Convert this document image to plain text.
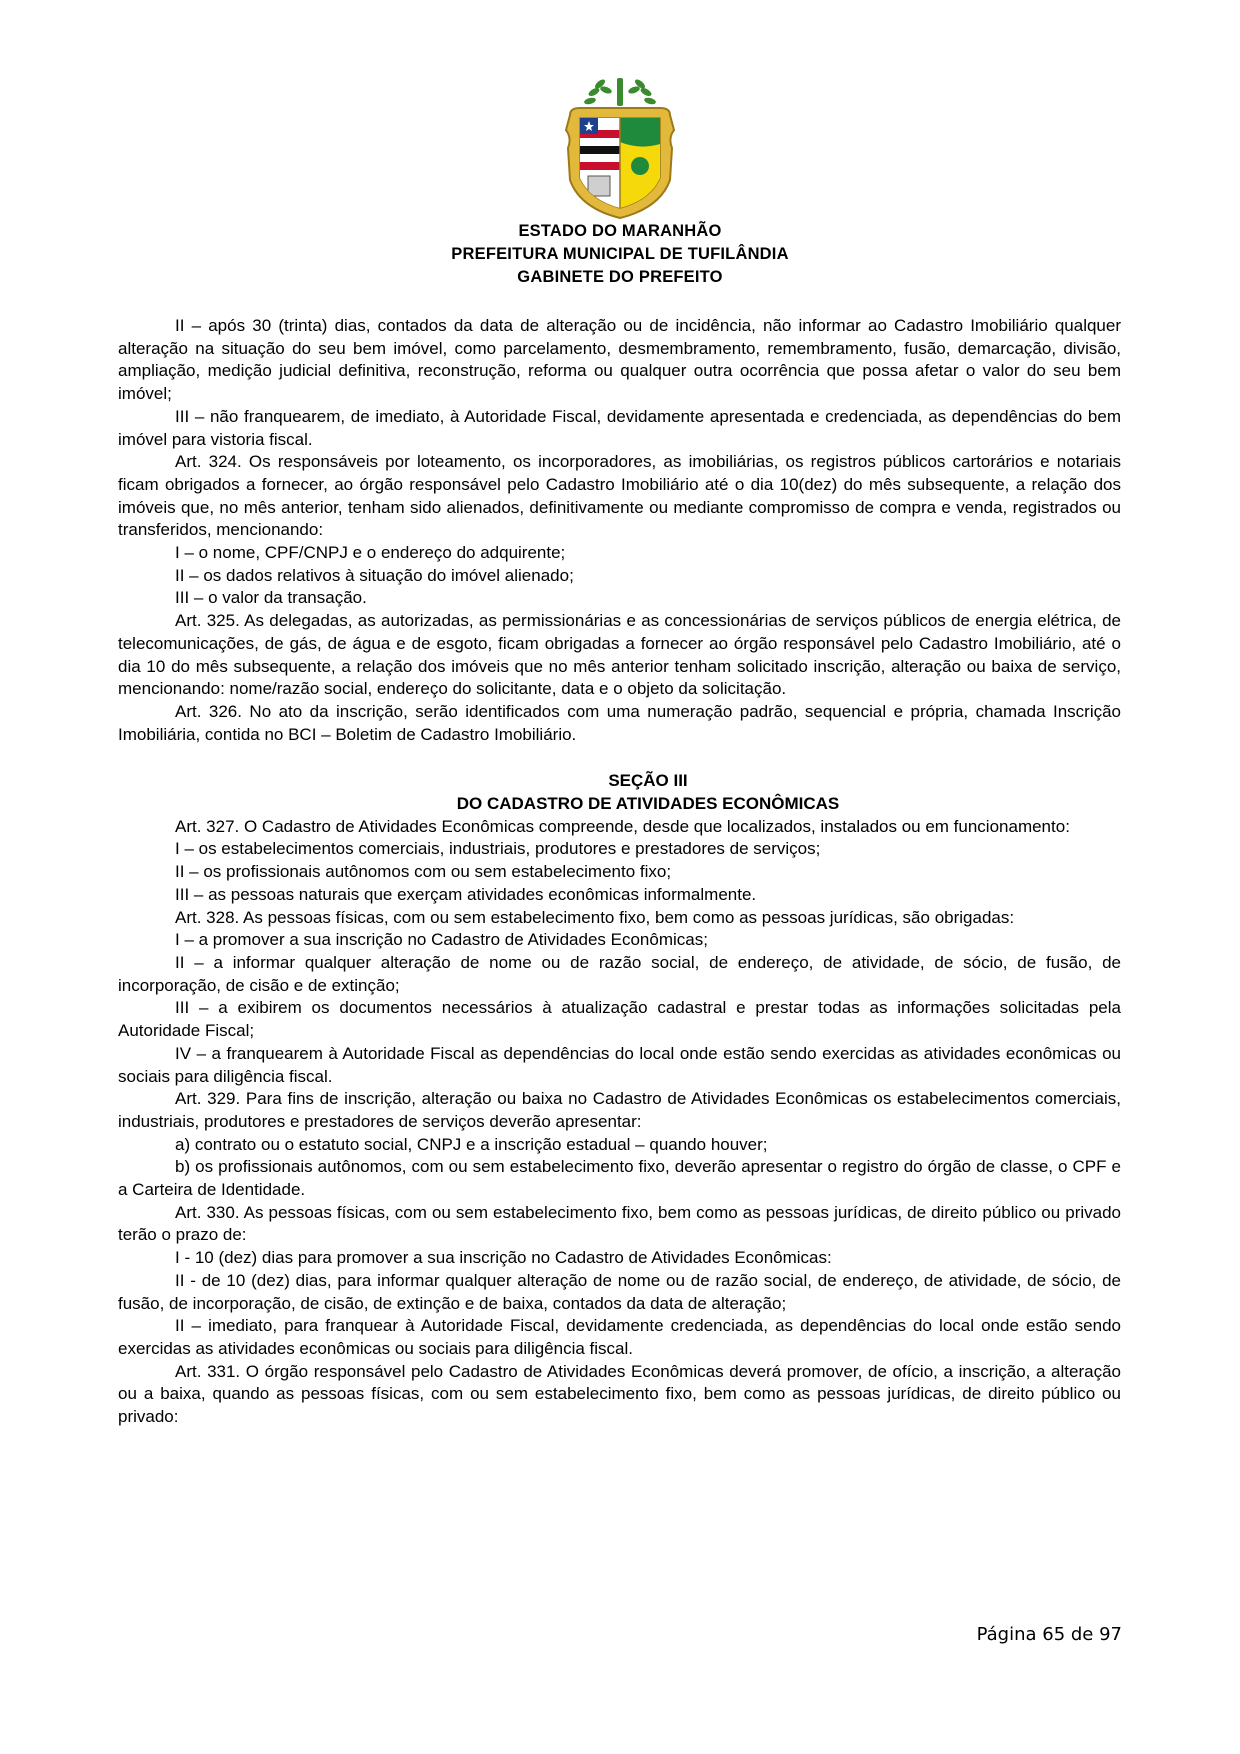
ESTADO DO MARANHÃO
PREFEITURA MUNICIPAL DE TUFILÂNDIA
GABINETE DO PREFEITO

II – após 30 (trinta) dias, contados da data de alteração ou de incidência, não informar ao Cadastro Imobiliário qualquer alteração na situação do seu bem imóvel, como parcelamento, desmembramento, remembramento, fusão, demarcação, divisão, ampliação, medição judicial definitiva, reconstrução, reforma ou qualquer outra ocorrência que possa afetar o valor do seu bem imóvel;

III – não franquearem, de imediato, à Autoridade Fiscal, devidamente apresentada e credenciada, as dependências do bem imóvel para vistoria fiscal.

Art. 324. Os responsáveis por loteamento, os incorporadores, as imobiliárias, os registros públicos cartorários e notariais ficam obrigados a fornecer, ao órgão responsável pelo Cadastro Imobiliário até o dia 10(dez) do mês subsequente, a relação dos imóveis que, no mês anterior, tenham sido alienados, definitivamente ou mediante compromisso de compra e venda, registrados ou transferidos, mencionando:

I – o nome, CPF/CNPJ e o endereço do adquirente;

II – os dados relativos à situação do imóvel alienado;

III – o valor da transação.

Art. 325. As delegadas, as autorizadas, as permissionárias e as concessionárias de serviços públicos de energia elétrica, de telecomunicações, de gás, de água e de esgoto, ficam obrigadas a fornecer ao órgão responsável pelo Cadastro Imobiliário, até o dia 10 do mês subsequente, a relação dos imóveis que no mês anterior tenham solicitado inscrição, alteração ou baixa de serviço, mencionando: nome/razão social, endereço do solicitante, data e o objeto da solicitação.

Art. 326. No ato da inscrição, serão identificados com uma numeração padrão, sequencial e própria, chamada Inscrição Imobiliária, contida no BCI – Boletim de Cadastro Imobiliário.

SEÇÃO III

DO CADASTRO DE ATIVIDADES ECONÔMICAS

Art. 327. O Cadastro de Atividades Econômicas compreende, desde que localizados, instalados ou em funcionamento:

I – os estabelecimentos comerciais, industriais, produtores e prestadores de serviços;

II – os profissionais autônomos com ou sem estabelecimento fixo;

III – as pessoas naturais que exerçam atividades econômicas informalmente.

Art. 328. As pessoas físicas, com ou sem estabelecimento fixo, bem como as pessoas jurídicas, são obrigadas:

I – a promover a sua inscrição no Cadastro de Atividades Econômicas;

II – a informar qualquer alteração de nome ou de razão social, de endereço, de atividade, de sócio, de fusão, de incorporação, de cisão e de extinção;

III – a exibirem os documentos necessários à atualização cadastral e prestar todas as informações solicitadas pela Autoridade Fiscal;

IV – a franquearem à Autoridade Fiscal as dependências do local onde estão sendo exercidas as atividades econômicas ou sociais para diligência fiscal.

Art. 329. Para fins de inscrição, alteração ou baixa no Cadastro de Atividades Econômicas os estabelecimentos comerciais, industriais, produtores e prestadores de serviços deverão apresentar:

a) contrato ou o estatuto social, CNPJ e a inscrição estadual – quando houver;

b) os profissionais autônomos, com ou sem estabelecimento fixo, deverão apresentar o registro do órgão de classe, o CPF e a Carteira de Identidade.

Art. 330. As pessoas físicas, com ou sem estabelecimento fixo, bem como as pessoas jurídicas, de direito público ou privado terão o prazo de:

I - 10 (dez) dias para promover a sua inscrição no Cadastro de Atividades Econômicas:

II - de 10 (dez) dias, para informar qualquer alteração de nome ou de razão social, de endereço, de atividade, de sócio, de fusão, de incorporação, de cisão, de extinção e de baixa, contados da data de alteração;

II – imediato, para franquear à Autoridade Fiscal, devidamente credenciada, as dependências do local onde estão sendo exercidas as atividades econômicas ou sociais para diligência fiscal.

Art. 331. O órgão responsável pelo Cadastro de Atividades Econômicas deverá promover, de ofício, a inscrição, a alteração ou a baixa, quando as pessoas físicas, com ou sem estabelecimento fixo, bem como as pessoas jurídicas, de direito público ou privado:

Página 65 de 97
